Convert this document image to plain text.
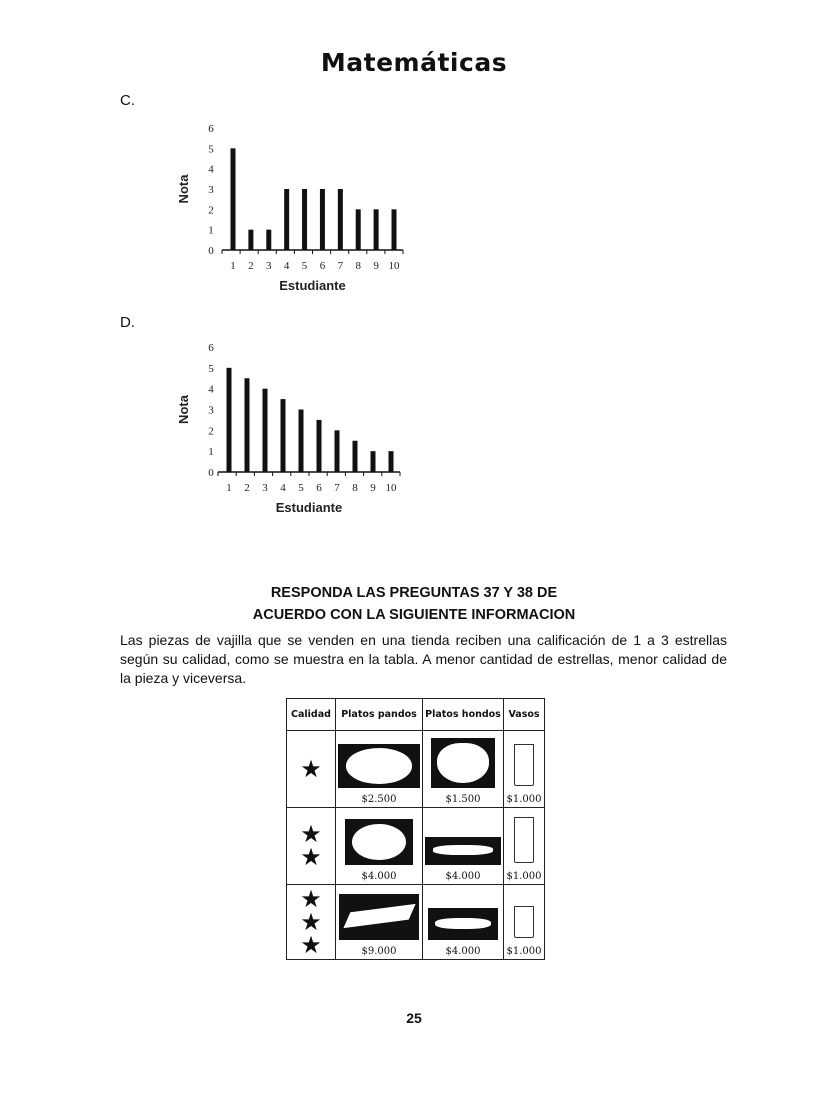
Matemáticas
C.
0
1
2
3
4
5
6
1 2 3 4 5 6 7 8 9 10
Estudiante
Nota
D.
0
1
2
3
4
5
6
1 2 3 4 5 6 7 8 9 10
Estudiante
Nota
RESPONDA LAS PREGUNTAS 37 Y 38 DE
ACUERDO CON LA SIGUIENTE INFORMACION
Las piezas de vajilla que se venden en una tienda reciben una calificación de 1 a 3 estrellas según su calidad, como se muestra en la tabla. A menor cantidad de estrellas, menor calidad de la pieza y viceversa.
Calidad	Platos pandos	Platos hondos	Vasos
★	$2.500	$1.500	$1.000

★
★	$4.000	$4.000	$1.000

★
★
★	$9.000	$4.000	$1.000
25
